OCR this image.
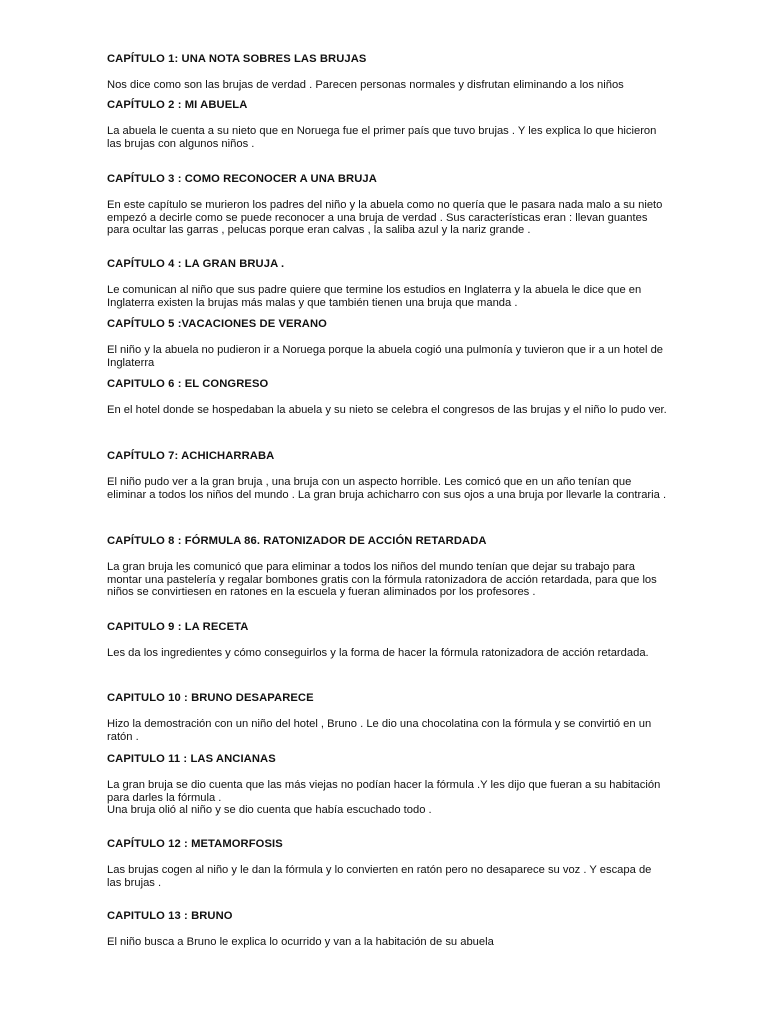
CAPÍTULO 1: UNA NOTA SOBRES LAS BRUJAS

Nos dice como son las brujas de verdad . Parecen personas normales y disfrutan eliminando a los niños

CAPÍTULO 2 : MI ABUELA

La abuela le cuenta a su nieto que en Noruega fue el primer país que tuvo brujas . Y les explica lo que hicieron las brujas con algunos niños .

CAPÍTULO 3 : COMO RECONOCER A UNA BRUJA

En este capítulo se murieron los padres del niño y la abuela como no quería que le pasara nada malo a su nieto empezó a decirle como se puede reconocer a una bruja de verdad . Sus características eran : llevan guantes para ocultar las garras , pelucas porque eran calvas , la saliba azul y la nariz grande .

CAPÍTULO 4 : LA GRAN BRUJA .

Le comunican al niño que sus padre quiere que termine los estudios en Inglaterra y la abuela le dice que en Inglaterra existen la brujas más malas y que también tienen una bruja que manda .

CAPÍTULO 5 :VACACIONES DE VERANO

El niño y la abuela no pudieron ir a Noruega porque la abuela cogió una pulmonía y tuvieron que ir a un hotel de Inglaterra

CAPITULO 6 : EL CONGRESO

En el hotel donde se hospedaban la abuela y su nieto se celebra el congresos de las brujas y el niño lo pudo ver.

CAPÍTULO 7: ACHICHARRABA

El niño pudo ver a la gran bruja , una bruja con un aspecto horrible. Les comicó que en un año tenían que eliminar a todos los niños del mundo . La gran bruja achicharro con sus ojos a una bruja por llevarle la contraria .

CAPÍTULO 8 : FÓRMULA 86. RATONIZADOR DE ACCIÓN RETARDADA

La gran bruja les comunicó que para eliminar a todos los niños del mundo tenían que dejar su trabajo para montar una pastelería y regalar bombones gratis con la fórmula ratonizadora de acción retardada, para que los niños se convirtiesen en ratones en la escuela y fueran aliminados por los profesores .

CAPITULO 9 : LA RECETA

Les da los ingredientes y cómo conseguirlos y la forma de hacer la fórmula ratonizadora de acción retardada.

CAPITULO 10 : BRUNO DESAPARECE

Hizo la demostración con un niño del hotel , Bruno . Le dio una chocolatina con la fórmula y se convirtió en un ratón .

CAPITULO 11 : LAS ANCIANAS

La gran bruja se dio cuenta que las más viejas no podían hacer la fórmula .Y les dijo que fueran a su habitación para darles la fórmula .

Una bruja olió al niño y se dio cuenta que había escuchado todo .

CAPÍTULO 12 : METAMORFOSIS

Las brujas cogen al niño y le dan la fórmula y lo convierten en ratón pero no desaparece su voz . Y escapa de las brujas .

CAPITULO 13 : BRUNO

El niño busca a Bruno le explica lo ocurrido y van a la habitación de su abuela
